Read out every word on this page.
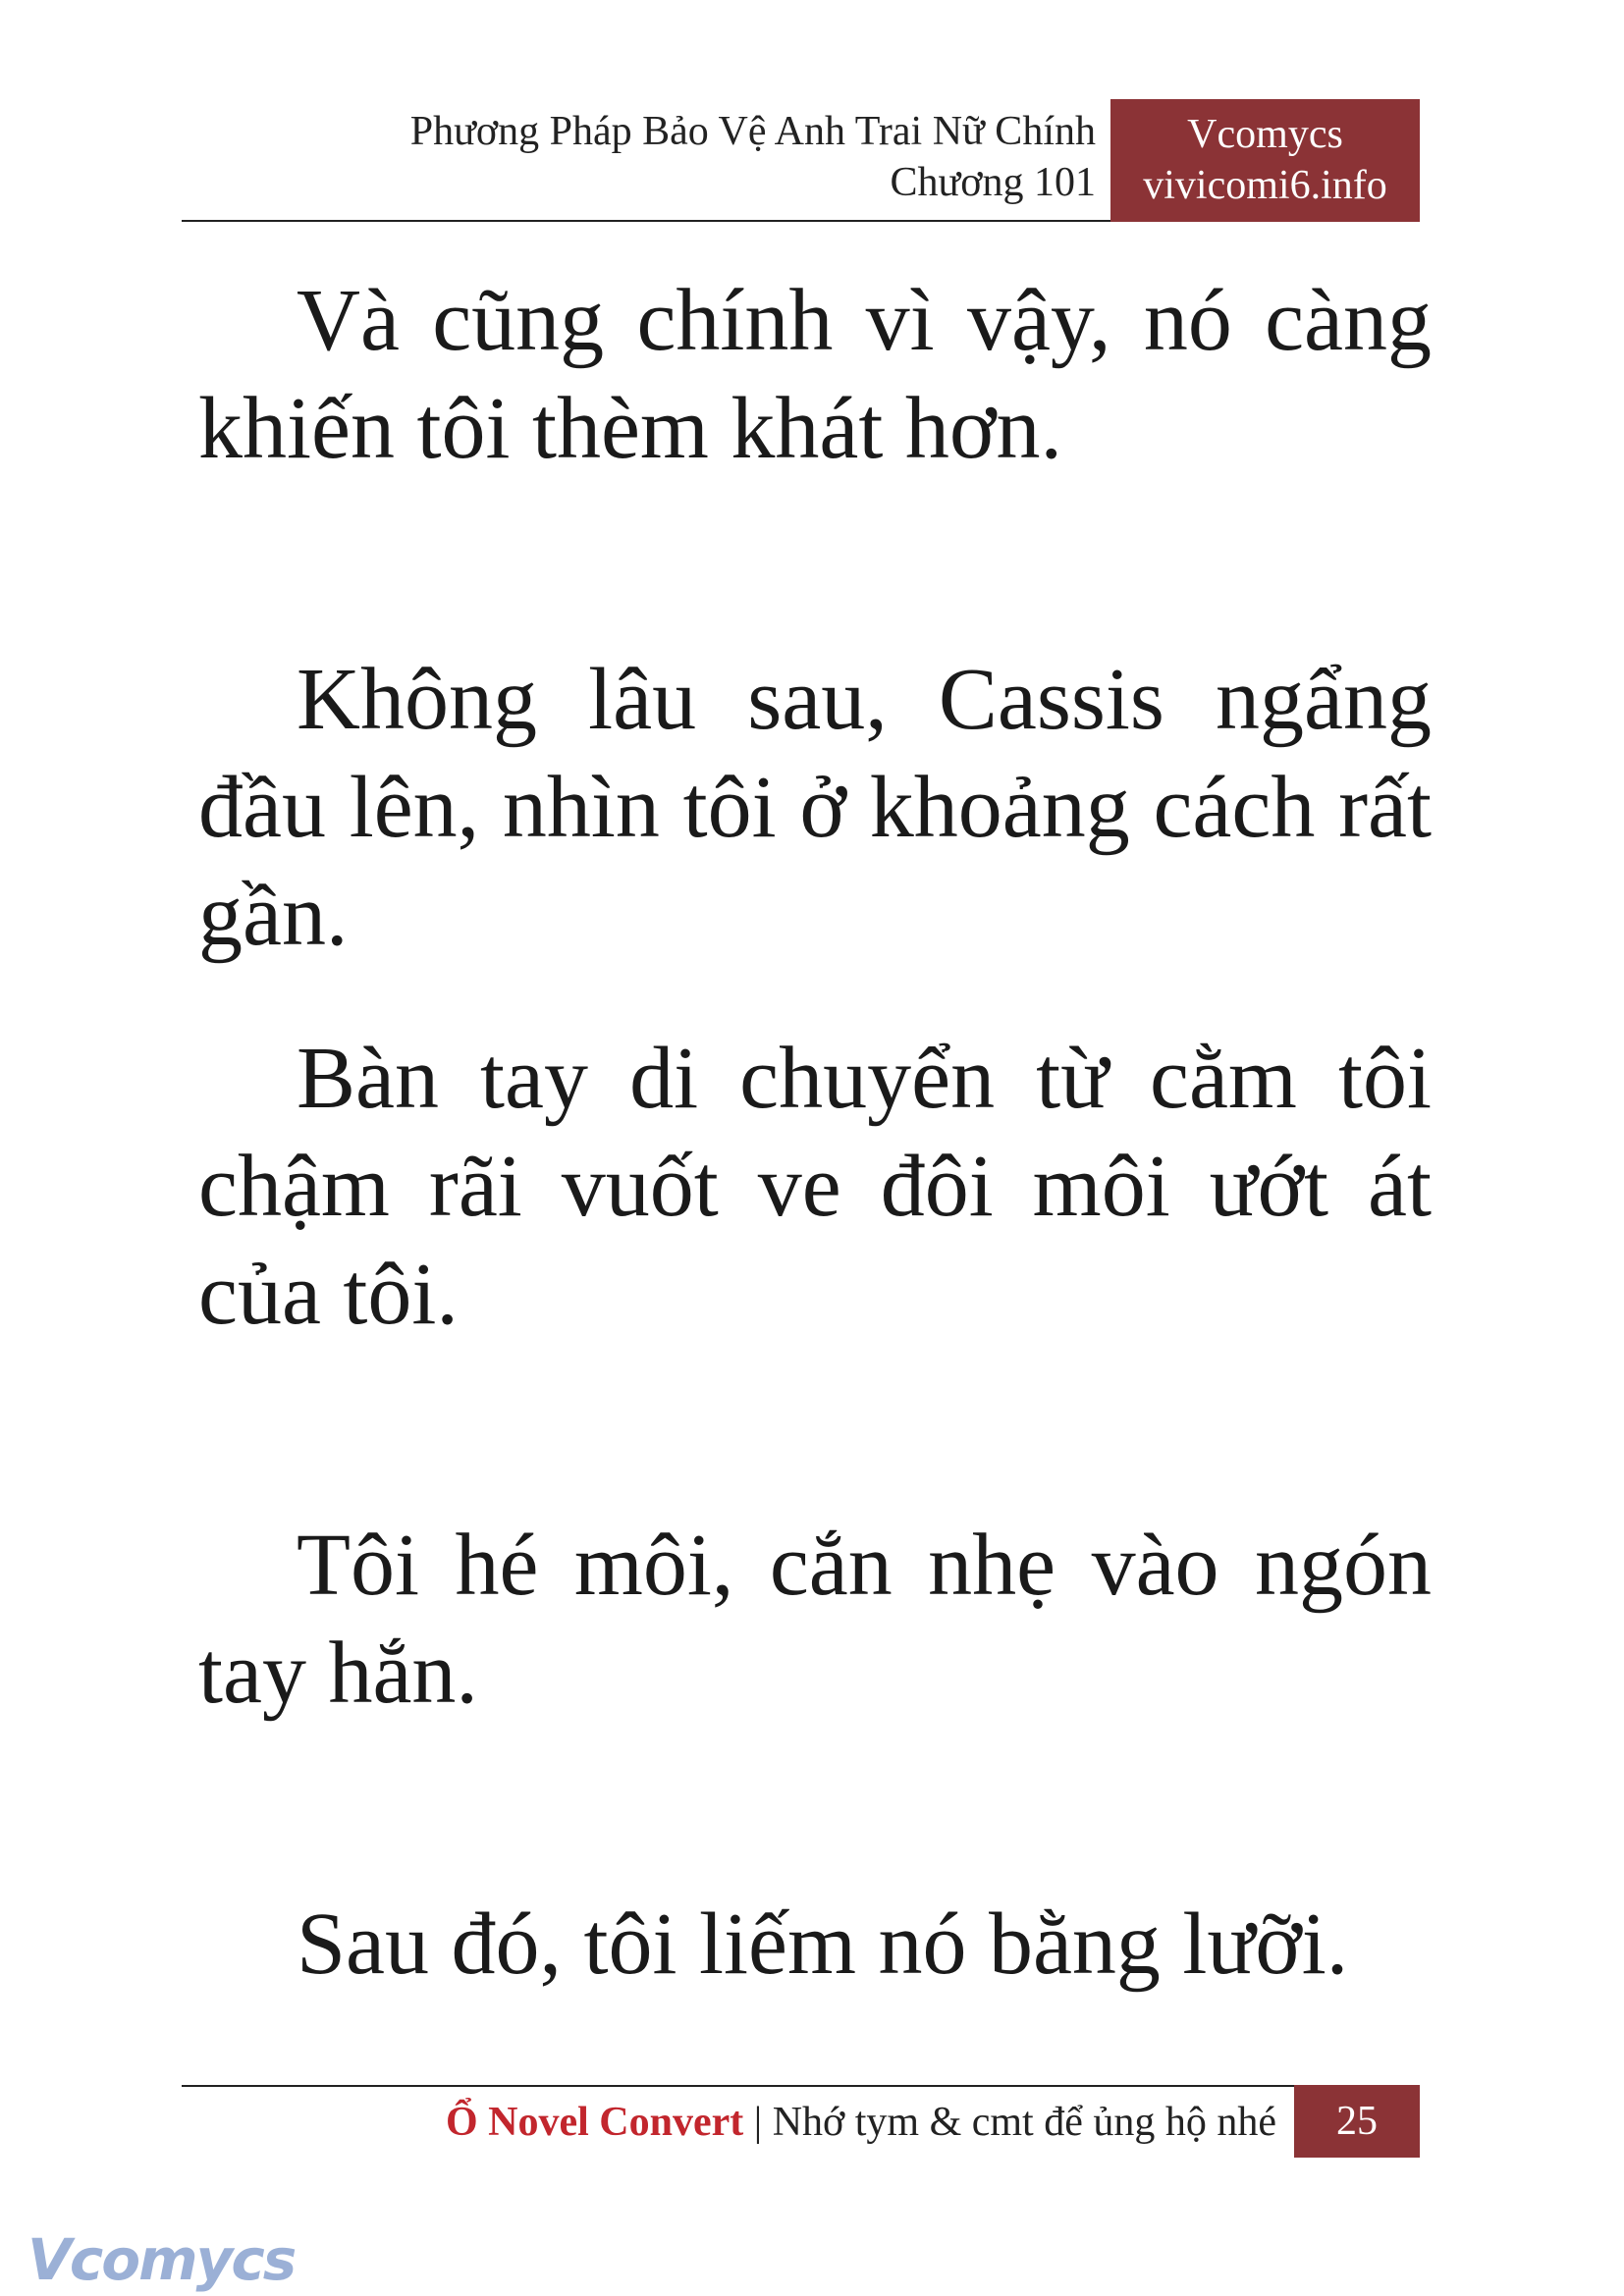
Phương Pháp Bảo Vệ Anh Trai Nữ Chính
Chương 101
Vcomycs
vivicomi6.info

Và cũng chính vì vậy, nó càng khiến tôi thèm khát hơn.

Không lâu sau, Cassis ngẩng đầu lên, nhìn tôi ở khoảng cách rất gần.

Bàn tay di chuyển từ cằm tôi chậm rãi vuốt ve đôi môi ướt át của tôi.

Tôi hé môi, cắn nhẹ vào ngón tay hắn.

Sau đó, tôi liếm nó bằng lưỡi.

Ổ Novel Convert | Nhớ tym & cmt để ủng hộ nhé	25
Vcomycs
